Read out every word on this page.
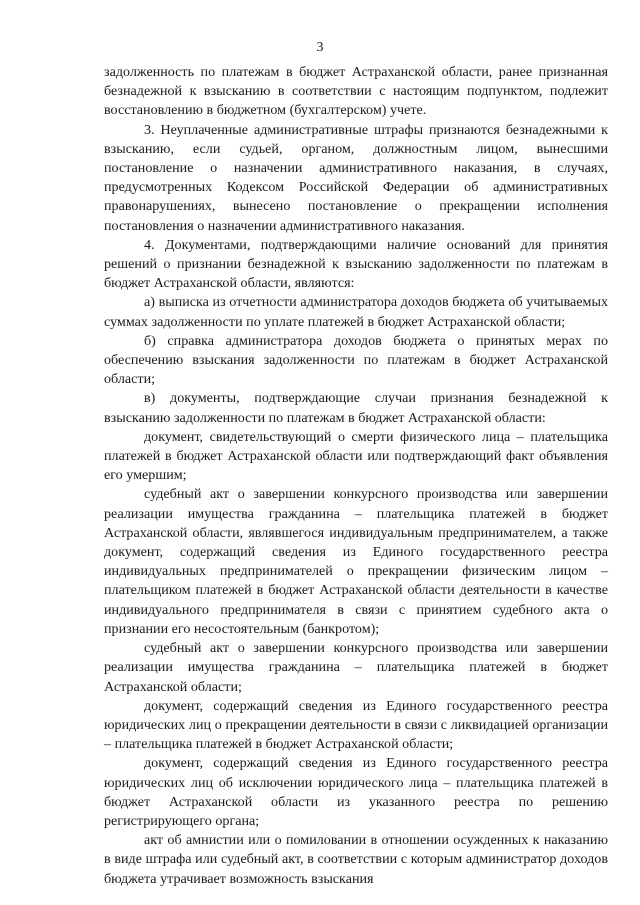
3

задолженность по платежам в бюджет Астраханской области, ранее признанная безнадежной к взысканию в соответствии с настоящим подпунктом, подлежит восстановлению в бюджетном (бухгалтерском) учете.

3. Неуплаченные административные штрафы признаются безнадежными к взысканию, если судьей, органом, должностным лицом, вынесшими постановление о назначении административного наказания, в случаях, предусмотренных Кодексом Российской Федерации об административных правонарушениях, вынесено постановление о прекращении исполнения постановления о назначении административного наказания.

4. Документами, подтверждающими наличие оснований для принятия решений о признании безнадежной к взысканию задолженности по платежам в бюджет Астраханской области, являются:

а) выписка из отчетности администратора доходов бюджета об учитываемых суммах задолженности по уплате платежей в бюджет Астраханской области;

б) справка администратора доходов бюджета о принятых мерах по обеспечению взыскания задолженности по платежам в бюджет Астраханской области;

в) документы, подтверждающие случаи признания безнадежной к взысканию задолженности по платежам в бюджет Астраханской области:

документ, свидетельствующий о смерти физического лица – плательщика платежей в бюджет Астраханской области или подтверждающий факт объявления его умершим;

судебный акт о завершении конкурсного производства или завершении реализации имущества гражданина – плательщика платежей в бюджет Астраханской области, являвшегося индивидуальным предпринимателем, а также документ, содержащий сведения из Единого государственного реестра индивидуальных предпринимателей о прекращении физическим лицом – плательщиком платежей в бюджет Астраханской области деятельности в качестве индивидуального предпринимателя в связи с принятием судебного акта о признании его несостоятельным (банкротом);

судебный акт о завершении конкурсного производства или завершении реализации имущества гражданина – плательщика платежей в бюджет Астраханской области;

документ, содержащий сведения из Единого государственного реестра юридических лиц о прекращении деятельности в связи с ликвидацией организации – плательщика платежей в бюджет Астраханской области;

документ, содержащий сведения из Единого государственного реестра юридических лиц об исключении юридического лица – плательщика платежей в бюджет Астраханской области из указанного реестра по решению регистрирующего органа;

акт об амнистии или о помиловании в отношении осужденных к наказанию в виде штрафа или судебный акт, в соответствии с которым администратор доходов бюджета утрачивает возможность взыскания
